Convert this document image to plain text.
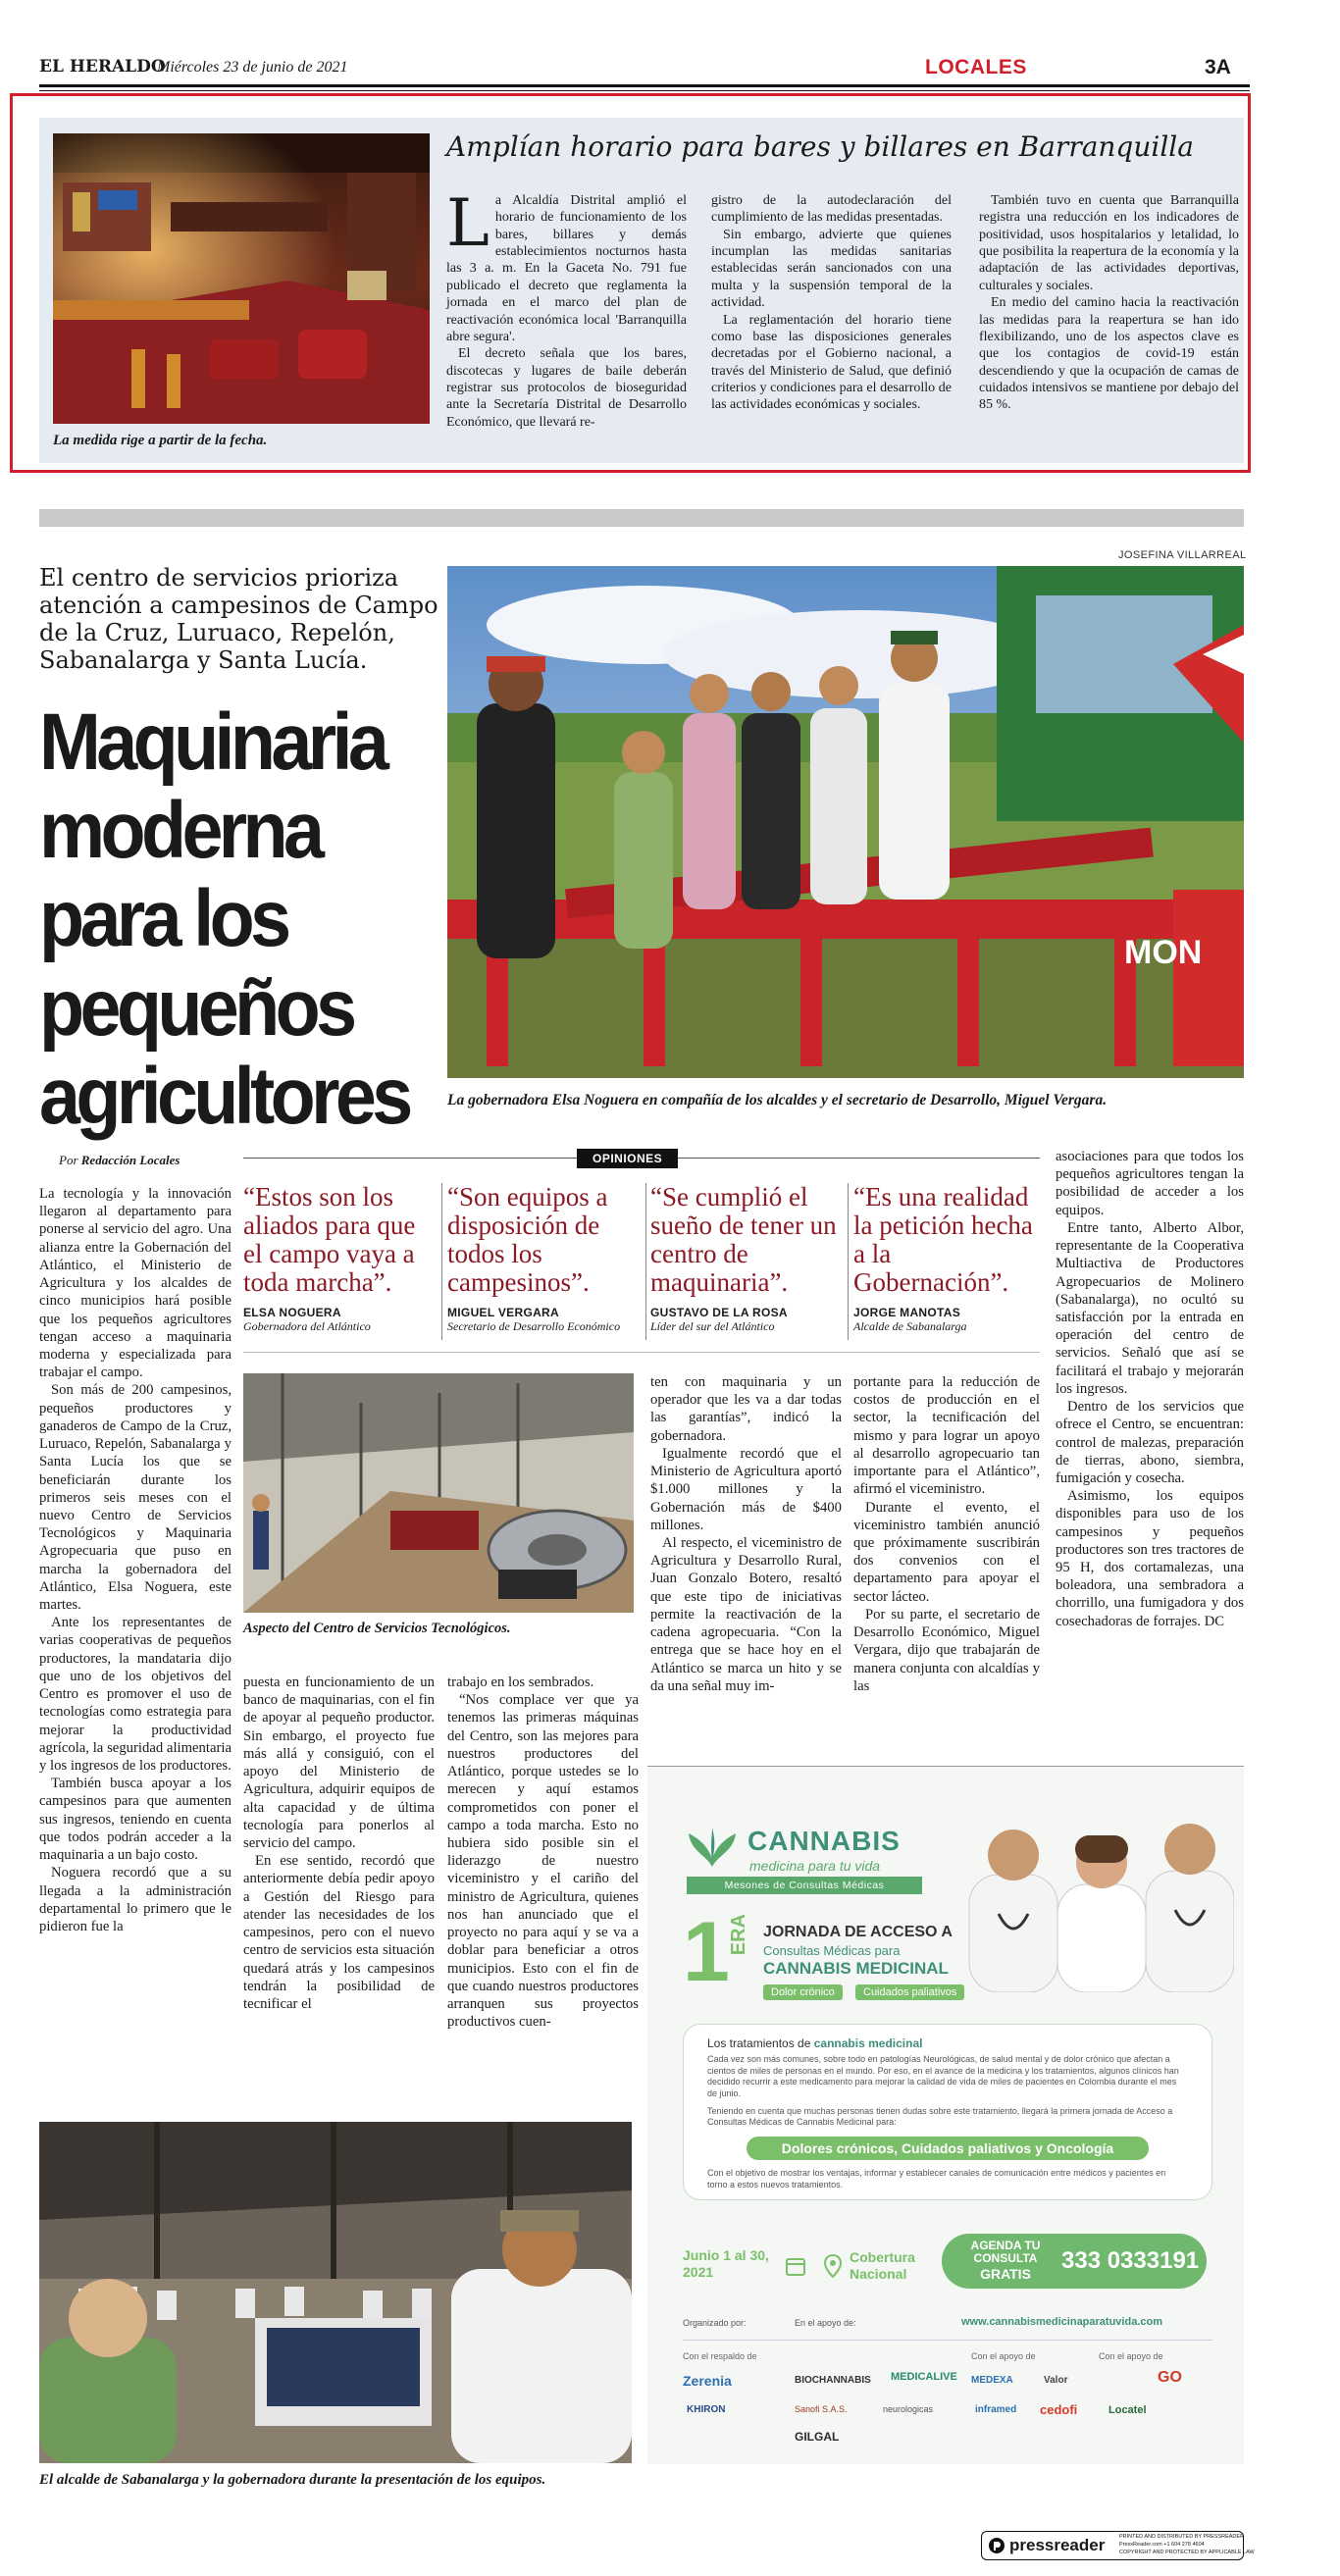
EL HERALDO
Miércoles 23 de junio de 2021	LOCALES	3A
La medida rige a partir de la fecha.
Amplían horario para bares y billares en Barranquilla
L a Alcaldía Distrital amplió el horario de funcionamiento de los bares, billares y demás establecimientos nocturnos hasta las 3 a. m. En la Gaceta No. 791 fue publicado el decreto que reglamenta la jornada en el marco del plan de reactivación económica local 'Barranquilla abre segura'.

El decreto señala que los bares, discotecas y lugares de baile deberán registrar sus protocolos de bioseguridad ante la Secretaría Distrital de Desarrollo Económico, que llevará re-

gistro de la autodeclaración del cumplimiento de las medidas presentadas.

Sin embargo, advierte que quienes incumplan las medidas sanitarias establecidas serán sancionados con una multa y la suspensión temporal de la actividad.

La reglamentación del horario tiene como base las disposiciones generales decretadas por el Gobierno nacional, a través del Ministerio de Salud, que definió criterios y condiciones para el desarrollo de las actividades económicas y sociales.

También tuvo en cuenta que Barranquilla registra una reducción en los indicadores de positividad, usos hospitalarios y letalidad, lo que posibilita la reapertura de la economía y la adaptación de las actividades deportivas, culturales y sociales.

En medio del camino hacia la reactivación las medidas para la reapertura se han ido flexibilizando, uno de los aspectos clave es que los contagios de covid-19 están descendiendo y que la ocupación de camas de cuidados intensivos se mantiene por debajo del 85 %.

El centro de servicios prioriza atención a campesinos de Campo de la Cruz, Luruaco, Repelón, Sabanalarga y Santa Lucía.
Maquinaria moderna para los pequeños agricultores
JOSEFINA VILLARREAL
MON
La gobernadora Elsa Noguera en compañía de los alcaldes y el secretario de Desarrollo, Miguel Vergara.
Por Redacción Locales	OPINIONES
“Estos son los aliados para que el campo vaya a toda marcha”.
ELSA NOGUERA
Gobernadora del Atlántico
“Son equipos a disposición de todos los campesinos”.
MIGUEL VERGARA
Secretario de Desarrollo Económico
“Se cumplió el sueño de tener un centro de maquinaria”.
GUSTAVO DE LA ROSA
Líder del sur del Atlántico
“Es una realidad la petición hecha a la Gobernación”.
JORGE MANOTAS
Alcalde de Sabanalarga

La tecnología y la innovación llegaron al departamento para ponerse al servicio del agro. Una alianza entre la Gobernación del Atlántico, el Ministerio de Agricultura y los alcaldes de cinco municipios hará posible que los pequeños agricultores tengan acceso a maquinaria moderna y especializada para trabajar el campo.

Son más de 200 campesinos, pequeños productores y ganaderos de Campo de la Cruz, Luruaco, Repelón, Sabanalarga y Santa Lucía los que se beneficiarán durante los primeros seis meses con el nuevo Centro de Servicios Tecnológicos y Maquinaria Agropecuaria que puso en marcha la gobernadora del Atlántico, Elsa Noguera, este martes.

Ante los representantes de varias cooperativas de pequeños productores, la mandataria dijo que uno de los objetivos del Centro es promover el uso de tecnologías como estrategia para mejorar la productividad agrícola, la seguridad alimentaria y los ingresos de los productores.

También busca apoyar a los campesinos para que aumenten sus ingresos, teniendo en cuenta que todos podrán acceder a la maquinaria a un bajo costo.

Noguera recordó que a su llegada a la administración departamental lo primero que le pidieron fue la

Aspecto del Centro de Servicios Tecnológicos.

puesta en funcionamiento de un banco de maquinarias, con el fin de apoyar al pequeño productor. Sin embargo, el proyecto fue más allá y consiguió, con el apoyo del Ministerio de Agricultura, adquirir equipos de alta capacidad y de última tecnología para ponerlos al servicio del campo.

En ese sentido, recordó que anteriormente debía pedir apoyo a Gestión del Riesgo para atender las necesidades de los campesinos, pero con el nuevo centro de servicios esta situación quedará atrás y los campesinos tendrán la posibilidad de tecnificar el

trabajo en los sembrados.

“Nos complace ver que ya tenemos las primeras máquinas del Centro, son las mejores para nuestros productores del Atlántico, porque ustedes se lo merecen y aquí estamos comprometidos con poner el campo a toda marcha. Esto no hubiera sido posible sin el liderazgo de nuestro viceministro y el cariño del ministro de Agricultura, quienes nos han anunciado que el proyecto no para aquí y se va a doblar para beneficiar a otros municipios. Esto con el fin de que cuando nuestros productores arranquen sus proyectos productivos cuen-

ten con maquinaria y un operador que les va a dar todas las garantías”, indicó la gobernadora.

Igualmente recordó que el Ministerio de Agricultura aportó $1.000 millones y la Gobernación más de $400 millones.

Al respecto, el viceministro de Agricultura y Desarrollo Rural, Juan Gonzalo Botero, resaltó que este tipo de iniciativas permite la reactivación de la cadena agropecuaria. “Con la entrega que se hace hoy en el Atlántico se marca un hito y se da una señal muy im-

portante para la reducción de costos de producción en el sector, la tecnificación del mismo y para lograr un apoyo al desarrollo agropecuario tan importante para el Atlántico”, afirmó el viceministro.

Durante el evento, el viceministro también anunció que próximamente suscribirán dos convenios con el departamento para apoyar el sector lácteo.

Por su parte, el secretario de Desarrollo Económico, Miguel Vergara, dijo que trabajarán de manera conjunta con alcaldías y las

asociaciones para que todos los pequeños agricultores tengan la posibilidad de acceder a los equipos.

Entre tanto, Alberto Albor, representante de la Cooperativa Multiactiva de Productores Agropecuarios de Molinero (Sabanalarga), no ocultó su satisfacción por la entrada en operación del centro de servicios. Señaló que así se facilitará el trabajo y mejorarán los ingresos.

Dentro de los servicios que ofrece el Centro, se encuentran: control de malezas, preparación de tierras, abono, siembra, fumigación y cosecha.

Asimismo, los equipos disponibles para uso de los campesinos y pequeños productores son tres tractores de 95 H, dos cortamalezas, una boleadora, una sembradora a chorrillo, una fumigadora y dos cosechadoras de forrajes. DC

El alcalde de Sabanalarga y la gobernadora durante la presentación de los equipos.
CANNABIS
medicina para tu vida
Mesones de Consultas Médicas
1
ERA JORNADA DE ACCESO A
Consultas Médicas para
CANNABIS MEDICINAL
Dolor crónico	Cuidados paliativos
Los tratamientos de cannabis medicinal
Cada vez son más comunes, sobre todo en patologías Neurológicas, de salud mental y de dolor crónico que afectan a cientos de miles de personas en el mundo. Por eso, en el avance de la medicina y los tratamientos, algunos clínicos han decidido recurrir a este medicamento para mejorar la calidad de vida de miles de pacientes en Colombia durante el mes de junio.
Teniendo en cuenta que muchas personas tienen dudas sobre este tratamiento, llegará la primera jornada de Acceso a Consultas Médicas de Cannabis Medicinal para:
Dolores crónicos, Cuidados paliativos y Oncología
Con el objetivo de mostrar los ventajas, informar y establecer canales de comunicación entre médicos y pacientes en torno a estos nuevos tratamientos.
Junio 1 al 30, 2021
Cobertura Nacional
AGENDA TU CONSULTA
GRATIS	333 0333191
Organizado por:	En el apoyo de:	www.cannabismedicinaparatuvida.com
Con el respaldo de	Con el apoyo de	Con el apoyo de
Zerenia	BIOCHANNABIS MEDICALIVE MEDEXA	Valor	GO
KHIRON	Sanofi S.A.S.	neurologicas	inframed cedofi	Locatel
GILGAL
pressreader	PRINTED AND DISTRIBUTED BY PRESSREADER
PressReader.com +1 604 278 4604
COPYRIGHT AND PROTECTED BY APPLICABLE LAW
